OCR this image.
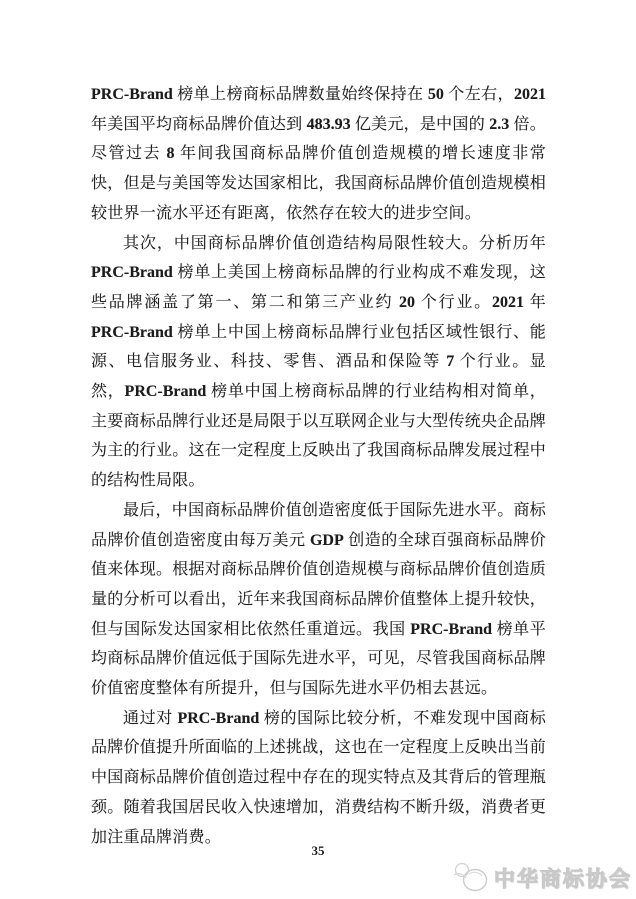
PRC-Brand 榜单上榜商标品牌数量始终保持在 50 个左右，2021 年美国平均商标品牌价值达到 483.93 亿美元，是中国的 2.3 倍。尽管过去 8 年间我国商标品牌价值创造规模的增长速度非常快，但是与美国等发达国家相比，我国商标品牌价值创造规模相较世界一流水平还有距离，依然存在较大的进步空间。

其次，中国商标品牌价值创造结构局限性较大。分析历年 PRC-Brand 榜单上美国上榜商标品牌的行业构成不难发现，这些品牌涵盖了第一、第二和第三产业约 20 个行业。2021 年 PRC-Brand 榜单上中国上榜商标品牌行业包括区域性银行、能源、电信服务业、科技、零售、酒品和保险等 7 个行业。显然，PRC-Brand 榜单中国上榜商标品牌的行业结构相对简单，主要商标品牌行业还是局限于以互联网企业与大型传统央企品牌为主的行业。这在一定程度上反映出了我国商标品牌发展过程中的结构性局限。

最后，中国商标品牌价值创造密度低于国际先进水平。商标品牌价值创造密度由每万美元 GDP 创造的全球百强商标品牌价值来体现。根据对商标品牌价值创造规模与商标品牌价值创造质量的分析可以看出，近年来我国商标品牌价值整体上提升较快，但与国际发达国家相比依然任重道远。我国 PRC-Brand 榜单平均商标品牌价值远低于国际先进水平，可见，尽管我国商标品牌价值密度整体有所提升，但与国际先进水平仍相去甚远。

通过对 PRC-Brand 榜的国际比较分析，不难发现中国商标品牌价值提升所面临的上述挑战，这也在一定程度上反映出当前中国商标品牌价值创造过程中存在的现实特点及其背后的管理瓶颈。随着我国居民收入快速增加，消费结构不断升级，消费者更加注重品牌消费。

35
中华商标协会
